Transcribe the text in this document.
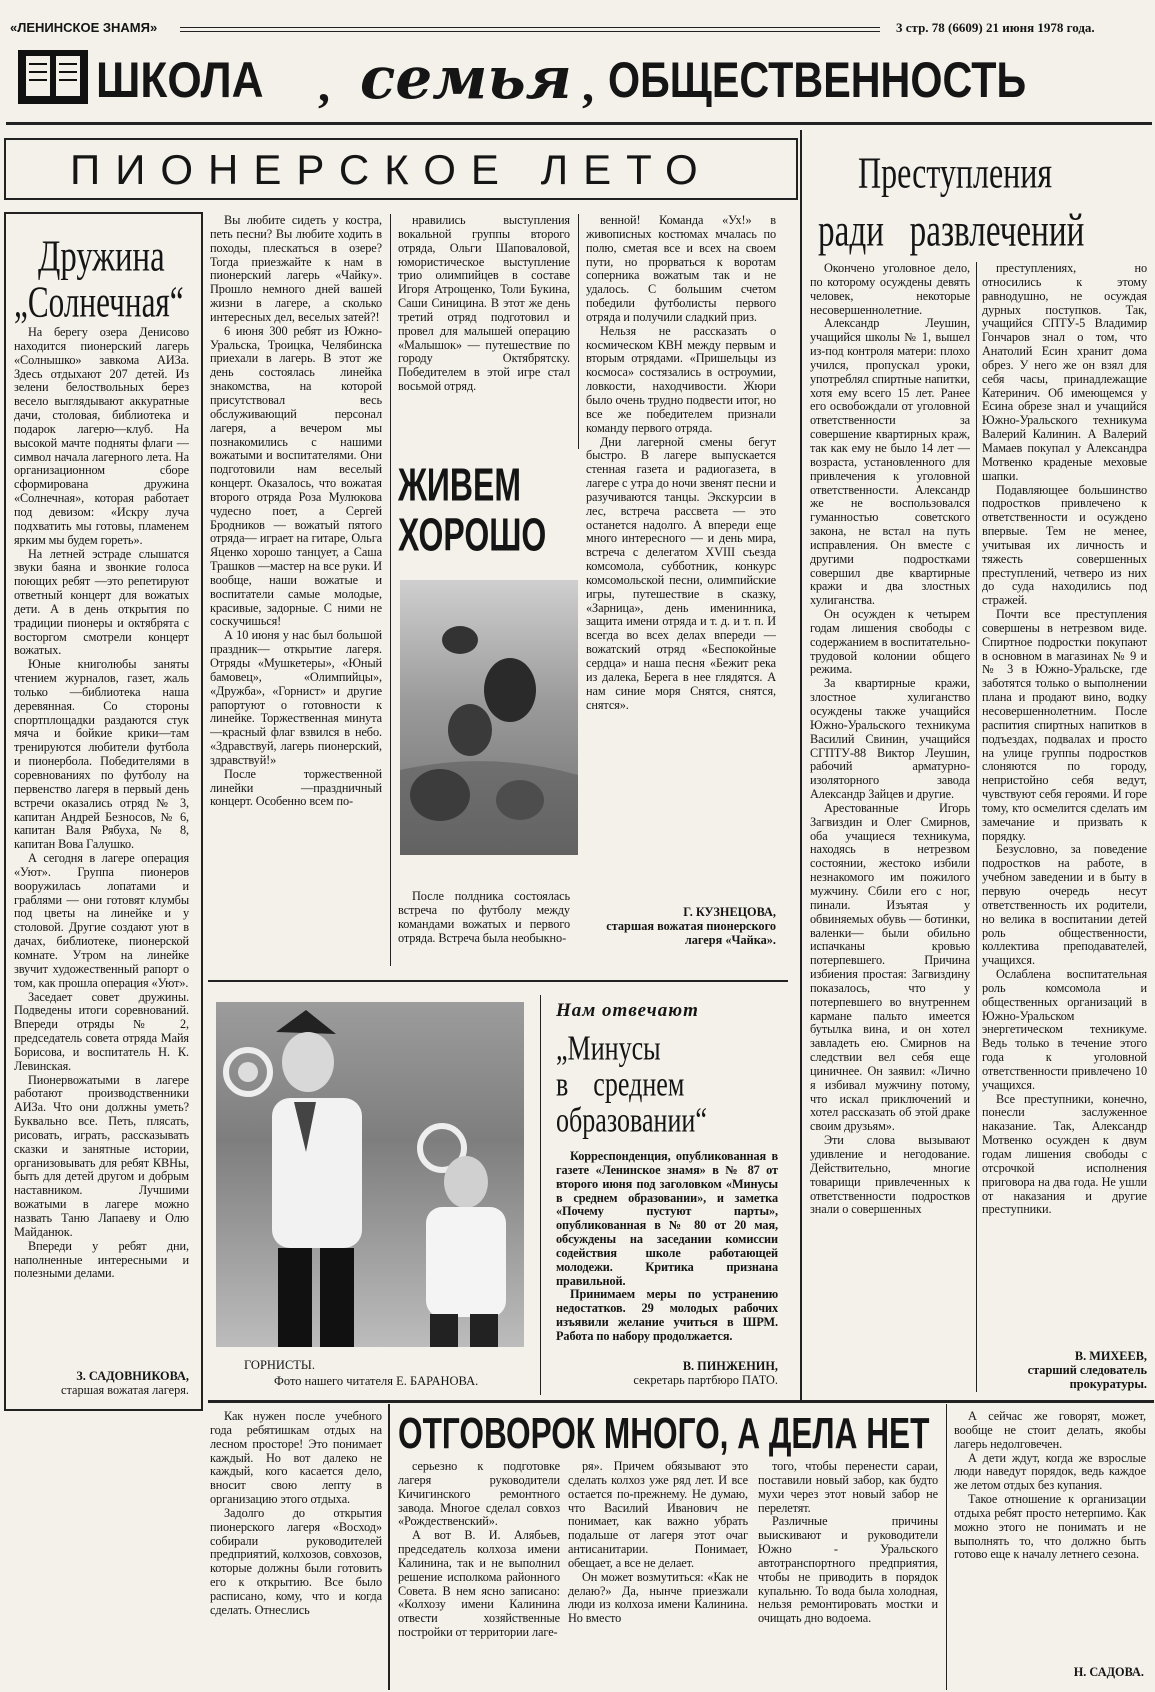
«ЛЕНИНСКОЕ ЗНАМЯ»	3 стр. 78 (6609) 21 июня 1978 года.
ШКОЛА , семья , ОБЩЕСТВЕННОСТЬ
ПИОНЕРСКОЕ ЛЕТО
Дружина
„Солнечная“

На берегу озера Денисово находится пионерский лагерь «Солнышко» завкома АИЗа. Здесь отдыхают 207 детей. Из зелени белоствольных берез весело выглядывают аккуратные дачи, столовая, библиотека и подарок лагерю—клуб. На высокой мачте подняты флаги —символ начала лагерного лета. На организационном сборе сформирована дружина «Солнечная», которая работает под девизом: «Искру луча подхватить мы готовы, пламенем ярким мы будем гореть».

На летней эстраде слышатся звуки баяна и звонкие голоса поющих ребят —это репетируют ответный концерт для вожатых дети. А в день открытия по традиции пионеры и октябрята с восторгом смотрели концерт вожатых.

Юные книголюбы заняты чтением журналов, газет, жаль только —библиотека наша деревянная. Со стороны спортплощадки раздаются стук мяча и бойкие крики—там тренируются любители футбола и пионербола. Победителями в соревнованиях по футболу на первенство лагеря в первый день встречи оказались отряд № 3, капитан Андрей Безносов, № 6, капитан Валя Рябуха, № 8, капитан Вова Галушко.

А сегодня в лагере операция «Уют». Группа пионеров вооружилась лопатами и граблями — они готовят клумбы под цветы на линейке и у столовой. Другие создают уют в дачах, библиотеке, пионерской комнате. Утром на линейке звучит художественный рапорт о том, как прошла операция «Уют».

Заседает совет дружины. Подведены итоги соревнований. Впереди отряды № 2, председатель совета отряда Майя Борисова, и воспитатель Н. К. Левинская.

Пионервожатыми в лагере работают производственники АИЗа. Что они должны уметь? Буквально все. Петь, плясать, рисовать, играть, рассказывать сказки и занятные истории, организовывать для ребят КВНы, быть для детей другом и добрым наставником. Лучшими вожатыми в лагере можно назвать Таню Лапаеву и Олю Майданюк.

Впереди у ребят дни, наполненные интересными и полезными делами.

З. САДОВНИКОВА,
старшая вожатая лагеря.

Вы любите сидеть у костра, петь песни? Вы любите ходить в походы, плескаться в озере? Тогда приезжайте к нам в пионерский лагерь «Чайку». Прошло немного дней вашей жизни в лагере, а сколько интересных дел, веселых затей?!

6 июня 300 ребят из Южно-Уральска, Троицка, Челябинска приехали в лагерь. В этот же день состоялась линейка знакомства, на которой присутствовал весь обслуживающий персонал лагеря, а вечером мы познакомились с нашими вожатыми и воспитателями. Они подготовили нам веселый концерт. Оказалось, что вожатая второго отряда Роза Мулюкова чудесно поет, а Сергей Бродников — вожатый пятого отряда— играет на гитаре, Ольга Яценко хорошо танцует, а Саша Трашков —мастер на все руки. И вообще, наши вожатые и воспитатели самые молодые, красивые, задорные. С ними не соскучишься!

А 10 июня у нас был большой праздник— открытие лагеря. Отряды «Мушкетеры», «Юный бамовец», «Олимпийцы», «Дружба», «Горнист» и другие рапортуют о готовности к линейке. Торжественная минута—красный флаг взвился в небо. «Здравствуй, лагерь пионерский, здравствуй!»

После торжественной линейки —праздничный концерт. Особенно всем по-

нравились выступления вокальной группы второго отряда, Ольги Шаповаловой, юмористическое выступление трио олимпийцев в составе Игоря Атрощенко, Толи Букина, Саши Синицина. В этот же день третий отряд подготовил и провел для малышей операцию «Малышок» — путешествие по городу Октябрятску. Победителем в этой игре стал восьмой отряд.

венной! Команда «Ух!» в живописных костюмах мчалась по полю, сметая все и всех на своем пути, но прорваться к воротам соперника вожатым так и не удалось. С большим счетом победили футболисты первого отряда и получили сладкий приз.

Нельзя не рассказать о космическом КВН между первым и вторым отрядами. «Пришельцы из космоса» состязались в остроумии, ловкости, находчивости. Жюри было очень трудно подвести итог, но все же победителем признали команду первого отряда.

Дни лагерной смены бегут быстро. В лагере выпускается стенная газета и радиогазета, в лагере с утра до ночи звенят песни и разучиваются танцы. Экскурсии в лес, встреча рассвета — это останется надолго. А впереди еще много интересного — и день мира, встреча с делегатом XVIII съезда комсомола, субботник, конкурс комсомольской песни, олимпийские игры, путешествие в сказку, «Зарница», день именинника, защита имени отряда и т. д. и т. п. И всегда во всех делах впереди —вожатский отряд «Беспокойные сердца» и наша песня «Бежит река из далека, Берега в нее глядятся. А нам синие моря Снятся, снятся, снятся».

ЖИВЕМ
ХОРОШО

После полдника состоялась встреча по футболу между командами вожатых и первого отряда. Встреча была необыкно-

Г. КУЗНЕЦОВА,
старшая вожатая пионерского лагеря «Чайка».
ГОРНИСТЫ.
Фото нашего читателя Е. БАРАНОВА.
Нам отвечают
„Минусы
в среднем
образовании“

Корреспонденция, опубликованная в газете «Ленинское знамя» в № 87 от второго июня под заголовком «Минусы в среднем образовании», и заметка «Почему пустуют парты», опубликованная в № 80 от 20 мая, обсуждены на заседании комиссии содействия школе работающей молодежи. Критика признана правильной.

Принимаем меры по устранению недостатков. 29 молодых рабочих изъявили желание учиться в ШРМ. Работа по набору продолжается.

В. ПИНЖЕНИН,
секретарь партбюро ПАТО.
Преступления
ради развлечений

Окончено уголовное дело, по которому осуждены девять человек, некоторые несовершеннолетние.

Александр Леушин, учащийся школы № 1, вышел из-под контроля матери: плохо учился, пропускал уроки, употреблял спиртные напитки, хотя ему всего 15 лет. Ранее его освобождали от уголовной ответственности за совершение квартирных краж, так как ему не было 14 лет —возраста, установленного для привлечения к уголовной ответственности. Александр же не воспользовался гуманностью советского закона, не встал на путь исправления. Он вместе с другими подростками совершил две квартирные кражи и два злостных хулиганства.

Он осужден к четырем годам лишения свободы с содержанием в воспитательно-трудовой колонии общего режима.

За квартирные кражи, злостное хулиганство осуждены также учащийся Южно-Уральского техникума Василий Свинин, учащийся СГПТУ-88 Виктор Леушин, рабочий арматурно-изоляторного завода Александр Зайцев и другие.

Арестованные Игорь Загвиздин и Олег Смирнов, оба учащиеся техникума, находясь в нетрезвом состоянии, жестоко избили незнакомого им пожилого мужчину. Сбили его с ног, пинали. Изъятая у обвиняемых обувь — ботинки, валенки— были обильно испачканы кровью потерпевшего. Причина избиения простая: Загвиздину показалось, что у потерпевшего во внутреннем кармане пальто имеется бутылка вина, и он хотел завладеть ею. Смирнов на следствии вел себя еще циничнее. Он заявил: «Лично я избивал мужчину потому, что искал приключений и хотел рассказать об этой драке своим друзьям».

Эти слова вызывают удивление и негодование. Действительно, многие товарищи привлеченных к ответственности подростков знали о совершенных

преступлениях, но относились к этому равнодушно, не осуждая дурных поступков. Так, учащийся СПТУ-5 Владимир Гончаров знал о том, что Анатолий Есин хранит дома обрез. У него же он взял для себя часы, принадлежащие Катеринич. Об имеющемся у Есина обрезе знал и учащийся Южно-Уральского техникума Валерий Калинин. А Валерий Мамаев покупал у Александра Мотвенко краденые меховые шапки.

Подавляющее большинство подростков привлечено к ответственности и осуждено впервые. Тем не менее, учитывая их личность и тяжесть совершенных преступлений, четверо из них до суда находились под стражей.

Почти все преступления совершены в нетрезвом виде. Спиртное подростки покупают в основном в магазинах № 9 и № 3 в Южно-Уральске, где заботятся только о выполнении плана и продают вино, водку несовершеннолетним. После распития спиртных напитков в подъездах, подвалах и просто на улице группы подростков слоняются по городу, непристойно себя ведут, чувствуют себя героями. И горе тому, кто осмелится сделать им замечание и призвать к порядку.

Безусловно, за поведение подростков на работе, в учебном заведении и в быту в первую очередь несут ответственность их родители, но велика в воспитании детей роль общественности, коллектива преподавателей, учащихся.

Ослаблена воспитательная роль комсомола и общественных организаций в Южно-Уральском энергетическом техникуме. Ведь только в течение этого года к уголовной ответственности привлечено 10 учащихся.

Все преступники, конечно, понесли заслуженное наказание. Так, Александр Мотвенко осужден к двум годам лишения свободы с отсрочкой исполнения приговора на два года. Не ушли от наказания и другие преступники.

В. МИХЕЕВ,
старший следователь прокуратуры.

Как нужен после учебного года ребятишкам отдых на лесном просторе! Это понимает каждый. Но вот далеко не каждый, кого касается дело, вносит свою лепту в организацию этого отдыха.

Задолго до открытия пионерского лагеря «Восход» собирали руководителей предприятий, колхозов, совхозов, которые должны были готовить его к открытию. Все было расписано, кому, что и когда сделать. Отнеслись

ОТГОВОРОК МНОГО, А ДЕЛА НЕТ

серьезно к подготовке лагеря руководители Кичигинского ремонтного завода. Многое сделал совхоз «Рождественский».

А вот В. И. Алябьев, председатель колхоза имени Калинина, так и не выполнил решение исполкома районного Совета. В нем ясно записано: «Колхозу имени Калинина отвести хозяйственные постройки от территории лаге-

ря». Причем обязывают это сделать колхоз уже ряд лет. И все остается по-прежнему. Не думаю, что Василий Иванович не понимает, как важно убрать подальше от лагеря этот очаг антисанитарии. Понимает, обещает, а все не делает.

Он может возмутиться: «Как не делаю?» Да, нынче приезжали люди из колхоза имени Калинина. Но вместо

того, чтобы перенести сараи, поставили новый забор, как будто мухи через этот новый забор не перелетят.

Различные причины выискивают и руководители Южно - Уральского автотранспортного предприятия, чтобы не приводить в порядок купальню. То вода была холодная, нельзя ремонтировать мостки и очищать дно водоема.

А сейчас же говорят, может, вообще не стоит делать, якобы лагерь недолговечен.

А дети ждут, когда же взрослые люди наведут порядок, ведь каждое же летом отдых без купания.

Такое отношение к организации отдыха ребят просто нетерпимо. Как можно этого не понимать и не выполнять то, что должно быть готово еще к началу летнего сезона.

Н. САДОВА.
